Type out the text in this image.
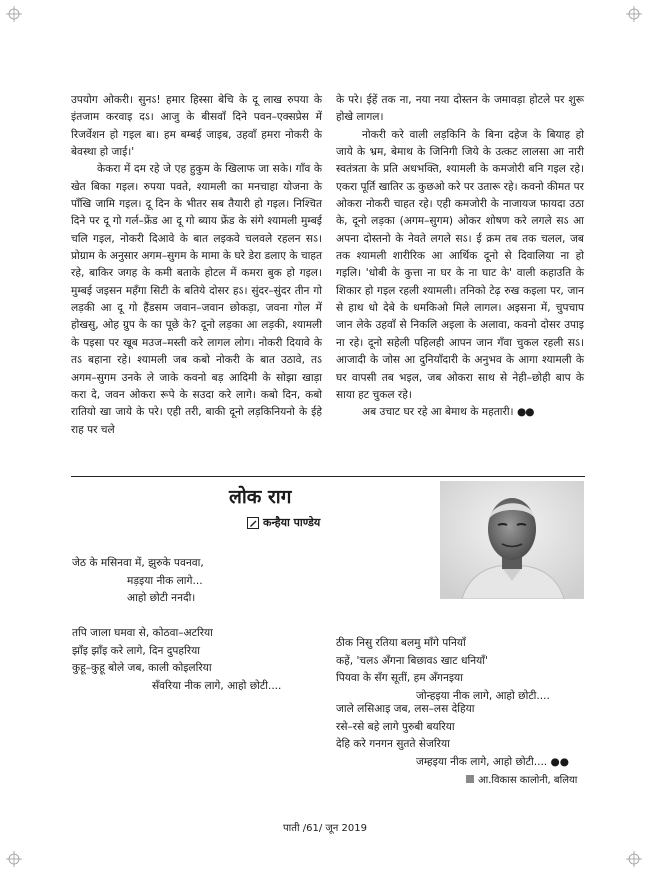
उपयोग ओकरी। सुनऽ! हमार हिस्सा बेचि के दू लाख रुपया के इंतजाम करवाइ दऽ। आजु के बीसवाँ दिने पवन–एक्सप्रेस में रिजर्वेशन हो गइल बा। हम बम्बई जाइब, उहवाँ हमरा नोकरी के बेवस्था हो जाई।'

केकरा में दम रहे जे एह हुकुम के खिलाफ जा सके। गाँव के खेत बिका गइल। रुपया पवते, श्यामली का मनचाहा योजना के पाँखि जामि गइल। दू दिन के भीतर सब तैयारी हो गइल। निश्चित दिने पर दू गो गर्ल–फ्रेंड आ दू गो ब्याय फ्रेंड के संगे श्यामली मुम्बई चलि गइल, नोकरी दिआवे के बात लइकवे चलवले रहलन सऽ। प्रोग्राम के अनुसार अगम–सुगम के मामा के घरे डेरा डलाए के चाहत रहे, बाकिर जगह के कमी बताके होटल में कमरा बुक हो गइल। मुम्बई जइसन महँगा सिटी के बतिये दोसर हऽ। सुंदर–सुंदर तीन गो लड़की आ दू गो हैंडसम जवान–जवान छोकड़ा, जवना गोल में होखसु, ओह ग्रुप के का पूछे के? दूनो लड़का आ लड़की, श्यामली के पइसा पर खूब मउज–मस्ती करे लागल लोग। नोकरी दियावे के तऽ बहाना रहे। श्यामली जब कबो नोकरी के बात उठावे, तऽ अगम–सुगम उनके ले जाके कवनो बड़ आदिमी के सोझा खाड़ा करा दे, जवन ओकरा रूपे के सउदा करे लागे। कबो दिन, कबो रातियो खा जाये के परे। एही तरी, बाकी दूनो लड़किनियनो के ईहे राह पर चले

के परे। ईहें तक ना, नया नया दोस्तन के जमावड़ा होटले पर शुरू होखे लागल।

नोकरी करे वाली लड़किनि के बिना दहेज के बियाह हो जाये के भ्रम, बेमाथ के जिनिगी जिये के उत्कट लालसा आ नारी स्वतंत्रता के प्रति अधभक्ति, श्यामली के कमजोरी बनि गइल रहे। एकरा पूर्ति खातिर ऊ कुछओ करे पर उतारू रहे। कवनो कीमत पर ओकरा नोकरी चाहत रहे। एही कमजोरी के नाजायज फायदा उठा के, दूनो लड़का (अगम–सुगम) ओकर शोषण करे लगले सऽ आ अपना दोस्तनो के नेवते लगले सऽ। ई क्रम तब तक चलल, जब तक श्यामली शारीरिक आ आर्थिक दूनो से दिवालिया ना हो गइलि। 'धोबी के कुत्ता ना घर के ना घाट के' वाली कहाउति के शिकार हो गइल रहली श्यामली। तनिको टेढ़ रुख कइला पर, जान से हाथ धो देबे के धमकिओ मिले लागल। अइसना में, चुपचाप जान लेके उहवाँ से निकलि अइला के अलावा, कवनो दोसर उपाइ ना रहे। दूनो सहेली पहिलही आपन जान गँवा चुकल रहली सऽ। आजादी के जोस आ दुनियाँदारी के अनुभव के आगा श्यामली के घर वापसी तब भइल, जब ओकरा साथ से नेही–छोही बाप के साया हट चुकल रहे।

अब उचाट घर रहे आ बेमाथ के महतारी। ●●

लोक राग
कन्हैया पाण्डेय
जेठ के मसिनवा में, झुरुके पवनवा,
मड़इया नीक लागे...
आहो छोटी ननदी।
तपि जाला घमवा से, कोठवा–अटरिया
झाँइ झाँइ करे लागे, दिन दुपहरिया
कुहू–कुहू बोले जब, काली कोइलरिया
सँवरिया नीक लागे, आहो छोटी....
ठीक निसु रतिया बलमु माँगे पनियाँ
कहें, 'चलऽ अँगना बिछावऽ खाट धनियाँ'
पियवा के सँग सूतीं, हम अँगनइया
जोन्हइया नीक लागे, आहो छोटी....
जाले लसिआइ जब, लस–लस देहिया
रसे–रसे बहे लागे पुरुबी बयरिया
देहि करे गनगन सुतते सेजरिया
जम्हइया नीक लागे, आहो छोटी.... ●●
आ.विकास कालोनी, बलिया
पाती /61/ जून 2019
